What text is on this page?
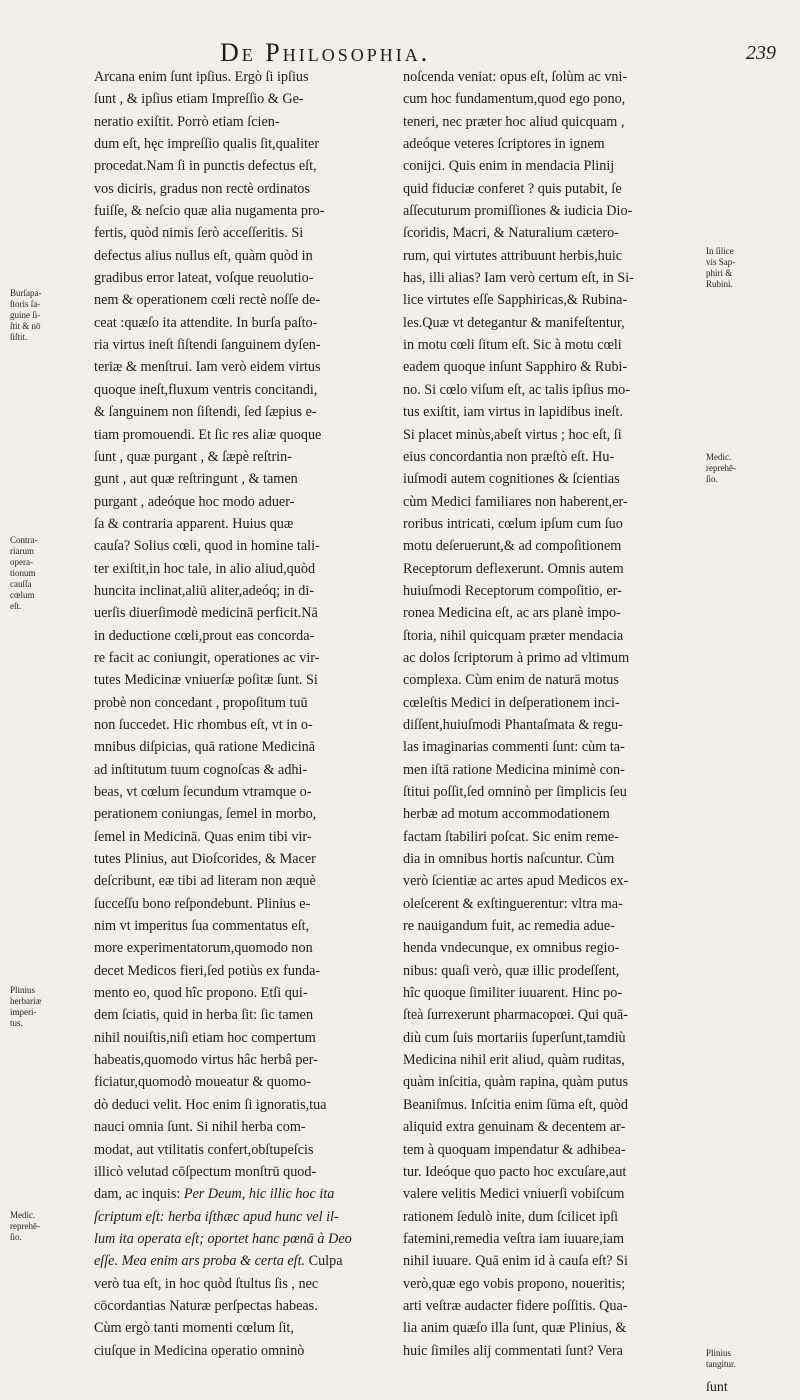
De Philosophia.	239
Arcana enim ſunt ipſius. Ergò ſi ipſius
ſunt , & ipſius etiam Impreſſio & Ge-
neratio exiſtit. Porrò etiam ſcien-
dum eſt, hęc impreſſio qualis ſit,qualiter
procedat.Nam ſi in punctis defectus eſt,
vos diciris, gradus non rectè ordinatos
fuiſſe, & neſcio quæ alia nugamenta pro-
fertis, quòd nimis ſerò acceſſeritis. Si
defectus alius nullus eſt, quàm quòd in
gradibus error lateat, voſque reuolutio-
nem & operationem cœli rectè noſſe de-
ceat :quæſo ita attendite. In burſa paſto-
ria virtus ineſt ſiſtendi ſanguinem dyſen-
teriæ & menſtrui. Iam verò eidem virtus
quoque ineſt,fluxum ventris concitandi,
& ſanguinem non ſiſtendi, ſed ſæpius e-
tiam promouendi. Et ſic res aliæ quoque
ſunt , quæ purgant , & ſæpè reſtrin-
gunt , aut quæ reſtringunt , & tamen
purgant , adeóque hoc modo aduer-
ſa & contraria apparent. Huius quæ
cauſa? Solius cœli, quod in homine tali-
ter exiſtit,in hoc tale, in alio aliud,quòd
huncita inclinat,aliū aliter,adeóq; in di-
uerſis diuerſimodè medicinā perficit.Nā
in deductione cœli,prout eas concorda-
re facit ac coniungit, operationes ac vir-
tutes Medicinæ vniuerſæ poſitæ ſunt. Si
probè non concedant , propoſitum tuū
non ſuccedet. Hic rhombus eſt, vt in o-
mnibus diſpicias, quā ratione Medicinā
ad inſtitutum tuum cognoſcas & adhi-
beas, vt cœlum ſecundum vtramque o-
perationem coniungas, ſemel in morbo,
ſemel in Medicinā. Quas enim tibi vir-
tutes Plinius, aut Dioſcorides, & Macer
deſcribunt, eæ tibi ad literam non æquè
ſucceſſu bono reſpondebunt. Plinius e-
nim vt imperitus ſua commentatus eſt,
more experimentatorum,quomodo non
decet Medicos fieri,ſed potiùs ex funda-
mento eo, quod hîc propono. Etſi qui-
dem ſciatis, quid in herba ſit: ſic tamen
nihil nouiſtis,niſi etiam hoc compertum
habeatis,quomodo virtus hâc herbâ per-
ficiatur,quomodò moueatur & quomo-
dò deduci velit. Hoc enim ſi ignoratis,tua
nauci omnia ſunt. Si nihil herba com-
modat, aut vtilitatis confert,obſtupeſcis
illicò velutad cōſpectum monſtrū quod-
dam, ac inquis: Per Deum, hic illic hoc ita
ſcriptum eſt: herba iſthæc apud hunc vel il-
lum ita operata eſt; oportet hanc pœnā à Deo
eſſe. Mea enim ars proba & certa eſt. Culpa
verò tua eſt, in hoc quòd ſtultus ſis , nec
cōcordantias Naturæ perſpectas habeas.
Cùm ergò tanti momenti cœlum ſit,
ciuſque in Medicina operatio omninò
noſcenda veniat: opus eſt, ſolùm ac vni-
cum hoc fundamentum,quod ego pono,
teneri, nec præter hoc aliud quicquam ,
adeóque veteres ſcriptores in ignem
conijci. Quis enim in mendacia Plinij
quid fiduciæ conferet ? quis putabit, ſe
aſſecuturum promiſſiones & iudicia Dio-
ſcoridis, Macri, & Naturalium cætero-
rum, qui virtutes attribuunt herbis,huic
has, illi alias? Iam verò certum eſt, in Si-
lice virtutes eſſe Sapphiricas,& Rubina-
les.Quæ vt detegantur & manifeſtentur,
in motu cœli ſitum eſt. Sic à motu cœli
eadem quoque inſunt Sapphiro & Rubi-
no. Si cœlo viſum eſt, ac talis ipſius mo-
tus exiſtit, iam virtus in lapidibus ineſt.
Si placet minùs,abeſt virtus ; hoc eſt, ſi
eius concordantia non præſtò eſt. Hu-
iuſmodi autem cognitiones & ſcientias
cùm Medici familiares non haberent,er-
roribus intricati, cœlum ipſum cum ſuo
motu deſeruerunt,& ad compoſitionem
Receptorum deflexerunt. Omnis autem
huiuſmodi Receptorum compoſitio, er-
ronea Medicina eſt, ac ars planè impo-
ſtoria, nihil quicquam præter mendacia
ac dolos ſcriptorum à primo ad vltimum
complexa. Cùm enim de naturā motus
cœleſtis Medici in deſperationem inci-
diſſent,huiuſmodi Phantaſmata & regu-
las imaginarias commenti ſunt: cùm ta-
men iſtā ratione Medicina minimè con-
ſtitui poſſit,ſed omninò per ſimplicis ſeu
herbæ ad motum accommodationem
factam ſtabiliri poſcat. Sic enim reme-
dia in omnibus hortis naſcuntur. Cùm
verò ſcientiæ ac artes apud Medicos ex-
oleſcerent & exſtinguerentur: vltra ma-
re nauigandum fuit, ac remedia adue-
henda vndecunque, ex omnibus regio-
nibus: quaſi verò, quæ illic prodeſſent,
hîc quoque ſimiliter iuuarent. Hinc po-
ſteà ſurrexerunt pharmacopœi. Qui quā-
diù cum ſuis mortariis ſuperſunt,tamdiù
Medicina nihil erit aliud, quàm ruditas,
quàm inſcitia, quàm rapina, quàm putus
Beaniſmus. Inſcitia enim ſūma eſt, quòd
aliquid extra genuinam & decentem ar-
tem à quoquam impendatur & adhibea-
tur. Ideóque quo pacto hoc excuſare,aut
valere velitis Medici vniuerſi vobiſcum
rationem ſedulò inite, dum ſcilicet ipſi
fatemini,remedia veſtra iam iuuare,iam
nihil iuuare. Quā enim id à cauſa eſt? Si
verò,quæ ego vobis propono, noueritis;
arti veſtræ audacter fidere poſſitis. Qua-
lia anim quæſo illa ſunt, quæ Plinius, &
huic ſimiles alij commentati ſunt? Vera
Burſapa-
ſtoris ſa-
guine ſi-
ſtit & nō
ſiſtit.
Contra-
riarum
opera-
tionum
cauſſa
cœlum
eſt.
Plinius
herbariæ
imperi-
tus.
Medic.
reprehē-
ſio.
In ſilice
vis Sap-
phiri &
Rubini.
Medic.
reprehē-
ſio.
Plinius
tangitur.
ſunt
